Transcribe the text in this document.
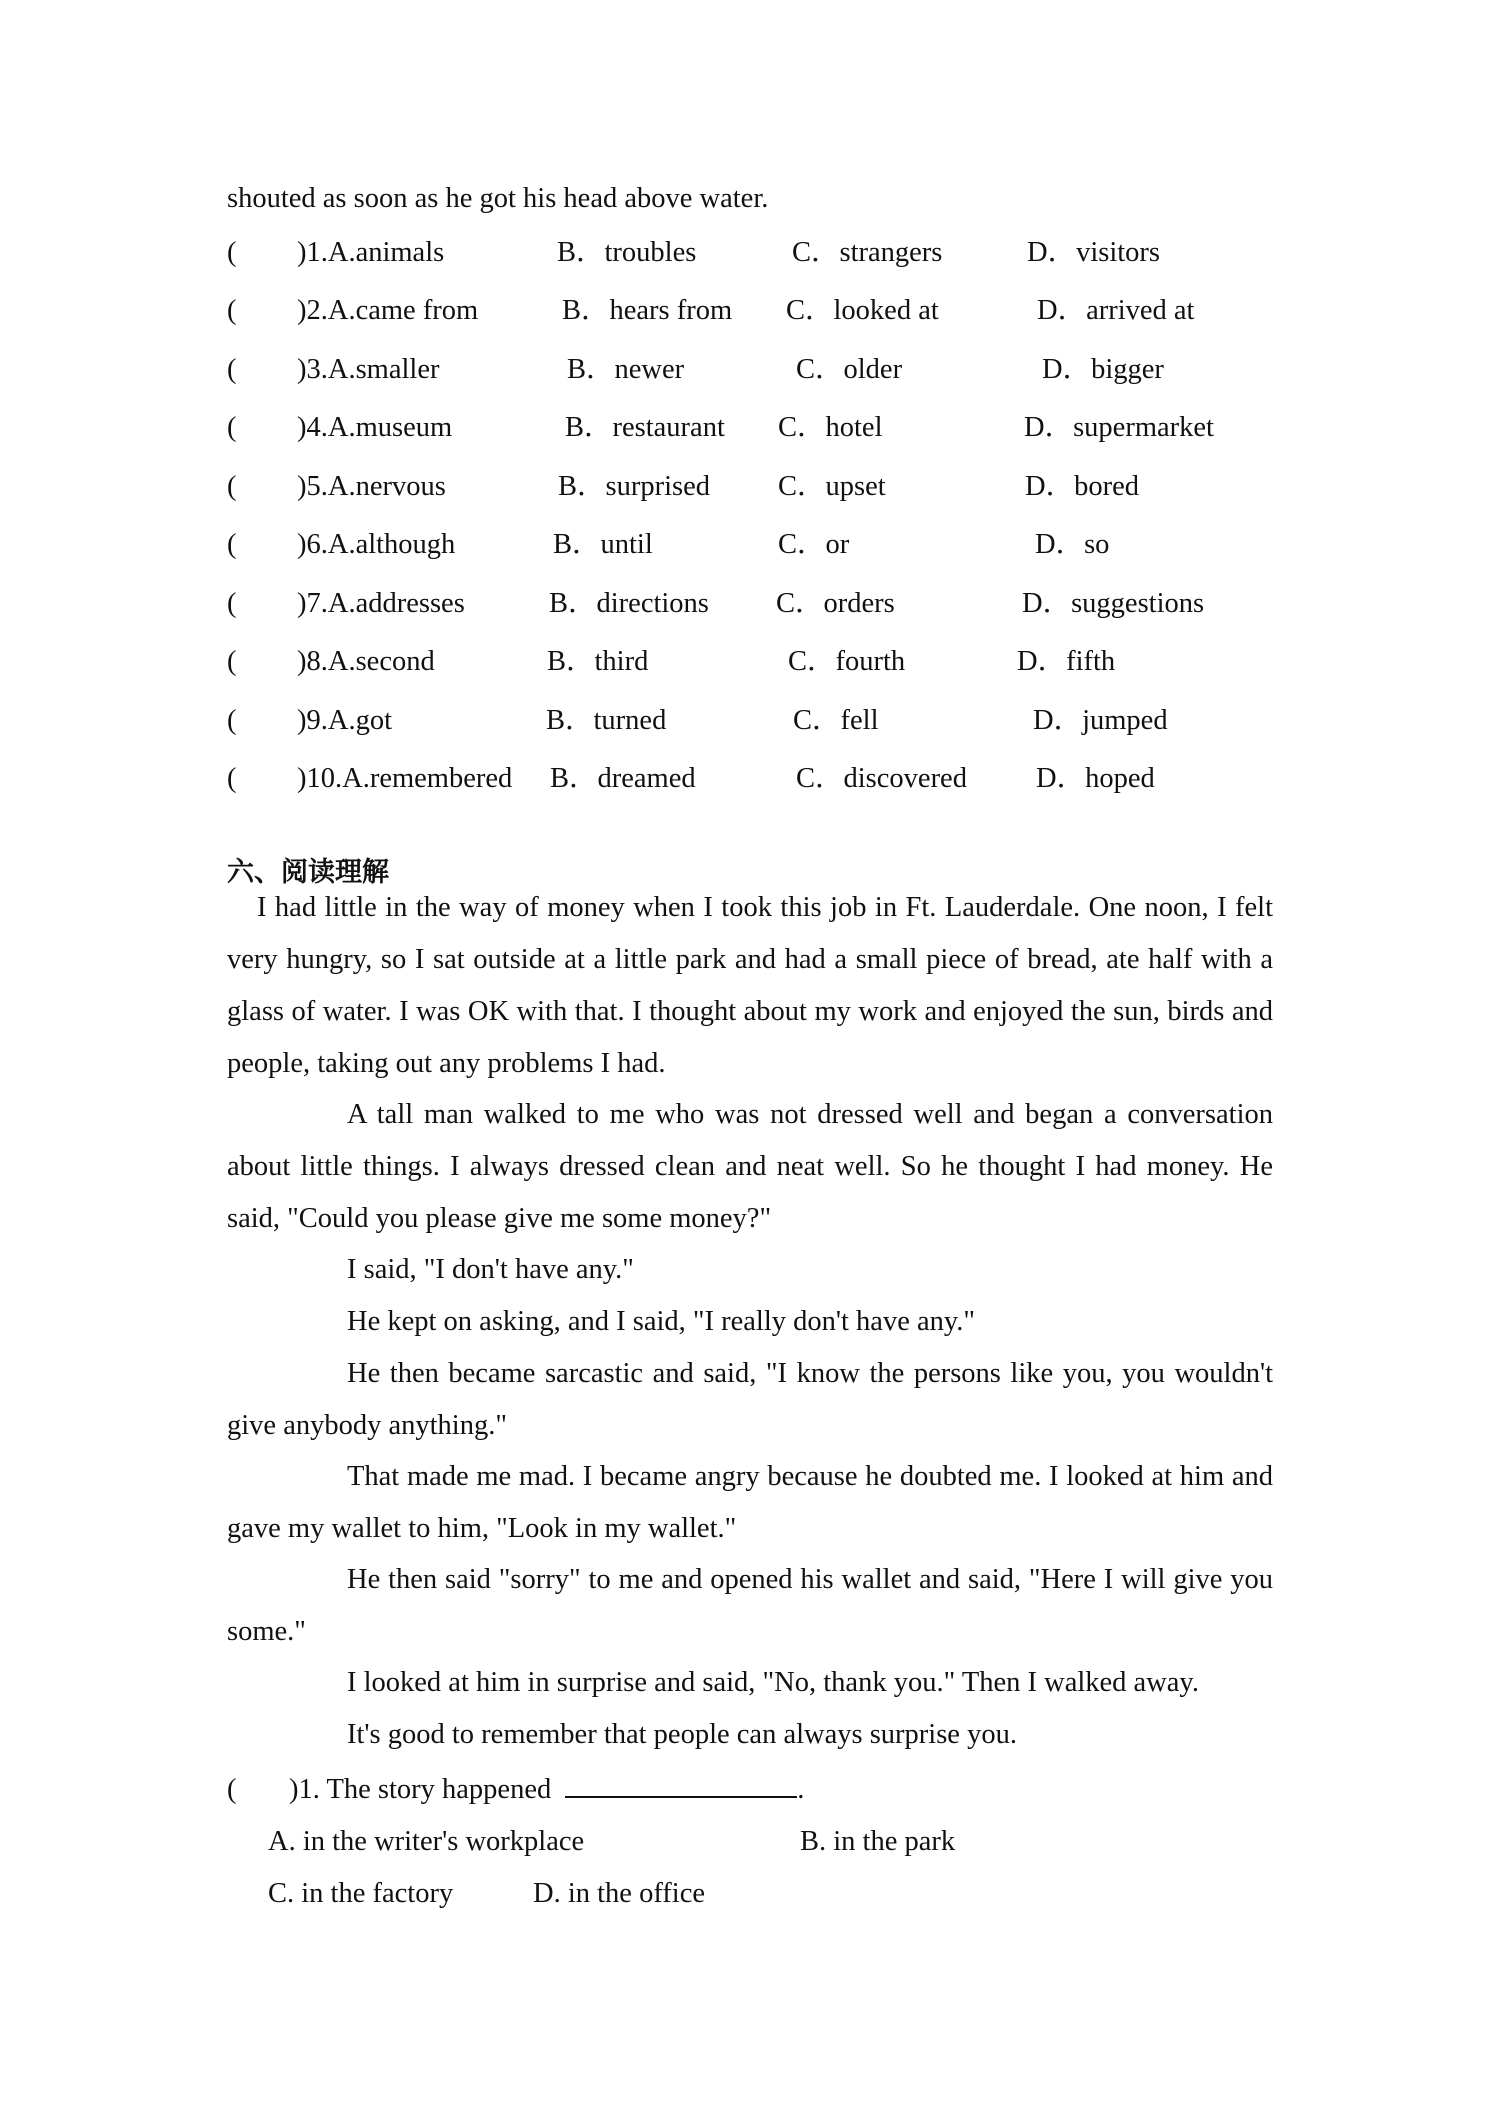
shouted as soon as he got his head above water.
( )1.A.animals	B．troubles	C．strangers	D．visitors
( )2.A.came from	B．hears from C．looked at	D．arrived at
( )3.A.smaller	B．newer	C．older	D．bigger
( )4.A.museum	B．restaurant C．hotel	D．supermarket
( )5.A.nervous	B．surprised C．upset	D．bored
( )6.A.although	B．until	C．or	D．so
( )7.A.addresses	B．directions C．orders	D．suggestions
( )8.A.second	B．third	C．fourth	D．fifth
( )9.A.got	B．turned	C．fell	D．jumped
( )10.A.remembered B．dreamed	C．discovered D．hoped
六、阅读理解
I had little in the way of money when I took this job in Ft. Lauderdale. One noon, I felt very hungry, so I sat outside at a little park and had a small piece of bread, ate half with a glass of water. I was OK with that. I thought about my work and enjoyed the sun, birds and people, taking out any problems I had.
A tall man walked to me who was not dressed well and began a conversation about little things. I always dressed clean and neat well. So he thought I had money. He said, "Could you please give me some money?"
I said, "I don't have any."
He kept on asking, and I said, "I really don't have any."
He then became sarcastic and said, "I know the persons like you, you wouldn't give anybody anything."
That made me mad. I became angry because he doubted me. I looked at him and gave my wallet to him, "Look in my wallet."
He then said "sorry" to me and opened his wallet and said, "Here I will give you some."
I looked at him in surprise and said, "No, thank you." Then I walked away.
It's good to remember that people can always surprise you.
( )1. The story happened	.
A. in the writer's workplace	B. in the park
C. in the factory	D. in the office
